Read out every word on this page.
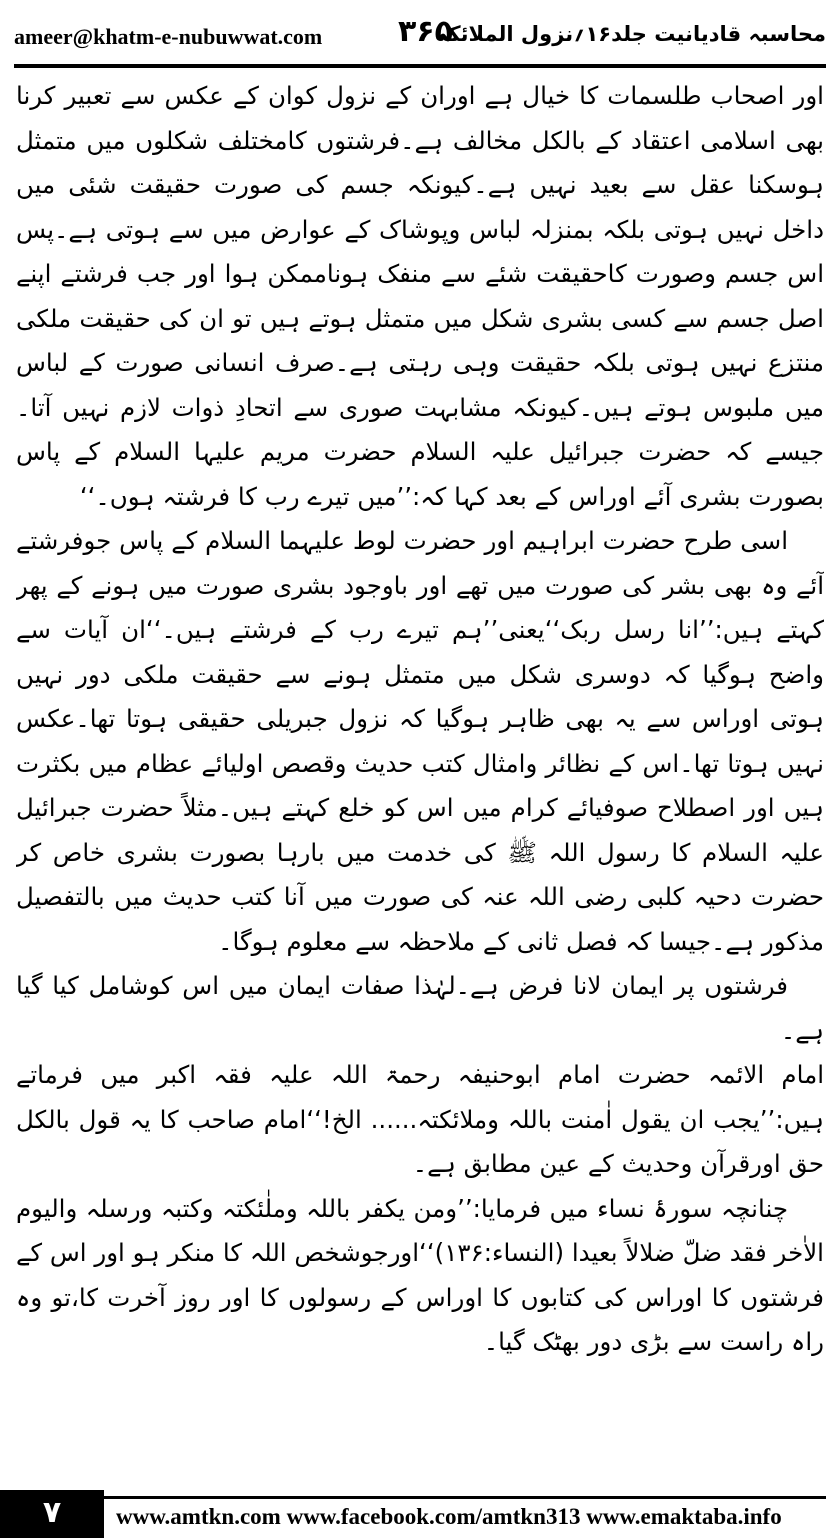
ameer@khatm-e-nubuwwat.com	۳۶۵
محاسبہ قادیانیت جلد۱۶؍نزول الملائکہ

اور اصحاب طلسمات کا خیال ہے اوران کے نزول کوان کے عکس سے تعبیر کرنا بھی اسلامی اعتقاد کے بالکل مخالف ہے۔فرشتوں کامختلف شکلوں میں متمثل ہوسکنا عقل سے بعید نہیں ہے۔کیونکہ جسم کی صورت حقیقت شئی میں داخل نہیں ہوتی بلکہ بمنزلہ لباس وپوشاک کے عوارض میں سے ہوتی ہے۔پس اس جسم وصورت کاحقیقت شئے سے منفک ہوناممکن ہوا اور جب فرشتے اپنے اصل جسم سے کسی بشری شکل میں متمثل ہوتے ہیں تو ان کی حقیقت ملکی منتزع نہیں ہوتی بلکہ حقیقت وہی رہتی ہے۔صرف انسانی صورت کے لباس میں ملبوس ہوتے ہیں۔کیونکہ مشابہت صوری سے اتحادِ ذوات لازم نہیں آتا۔جیسے کہ حضرت جبرائیل علیہ السلام حضرت مریم علیہا السلام کے پاس بصورت بشری آئے اوراس کے بعد کہا کہ:’’میں تیرے رب کا فرشتہ ہوں۔‘‘

اسی طرح حضرت ابراہیم اور حضرت لوط علیہما السلام کے پاس جوفرشتے آئے وہ بھی بشر کی صورت میں تھے اور باوجود بشری صورت میں ہونے کے پھر کہتے ہیں:’’انا رسل ربک‘‘یعنی’’ہم تیرے رب کے فرشتے ہیں۔‘‘ان آیات سے واضح ہوگیا کہ دوسری شکل میں متمثل ہونے سے حقیقت ملکی دور نہیں ہوتی اوراس سے یہ بھی ظاہر ہوگیا کہ نزول جبریلی حقیقی ہوتا تھا۔عکس نہیں ہوتا تھا۔اس کے نظائر وامثال کتب حدیث وقصص اولیائے عظام میں بکثرت ہیں اور اصطلاح صوفیائے کرام میں اس کو خلع کہتے ہیں۔مثلاً حضرت جبرائیل علیہ السلام کا رسول اللہ ﷺ کی خدمت میں بارہا بصورت بشری خاص کر حضرت دحیہ کلبی رضی اللہ عنہ کی صورت میں آنا کتب حدیث میں بالتفصیل مذکور ہے۔جیسا کہ فصل ثانی کے ملاحظہ سے معلوم ہوگا۔

فرشتوں پر ایمان لانا فرض ہے۔لہٰذا صفات ایمان میں اس کوشامل کیا گیا ہے۔

امام الائمہ حضرت امام ابوحنیفہ رحمۃ اللہ علیہ فقہ اکبر میں فرماتے ہیں:’’یجب ان یقول اٰمنت باللہ وملائکتہ...... الخ!‘‘امام صاحب کا یہ قول بالکل حق اورقرآن وحدیث کے عین مطابق ہے۔

چنانچہ سورۂ نساء میں فرمایا:’’ومن یکفر باللہ وملٰئکتہ وکتبہ ورسلہ والیوم الاٰخر فقد ضلّ ضلالاً بعیدا (النساء:۱۳۶)‘‘اورجوشخص اللہ کا منکر ہو اور اس کے فرشتوں کا اوراس کی کتابوں کا اوراس کے رسولوں کا اور روز آخرت کا،تو وہ راہ راست سے بڑی دور بھٹک گیا۔

۷	www.amtkn.com www.facebook.com/amtkn313 www.emaktaba.info
